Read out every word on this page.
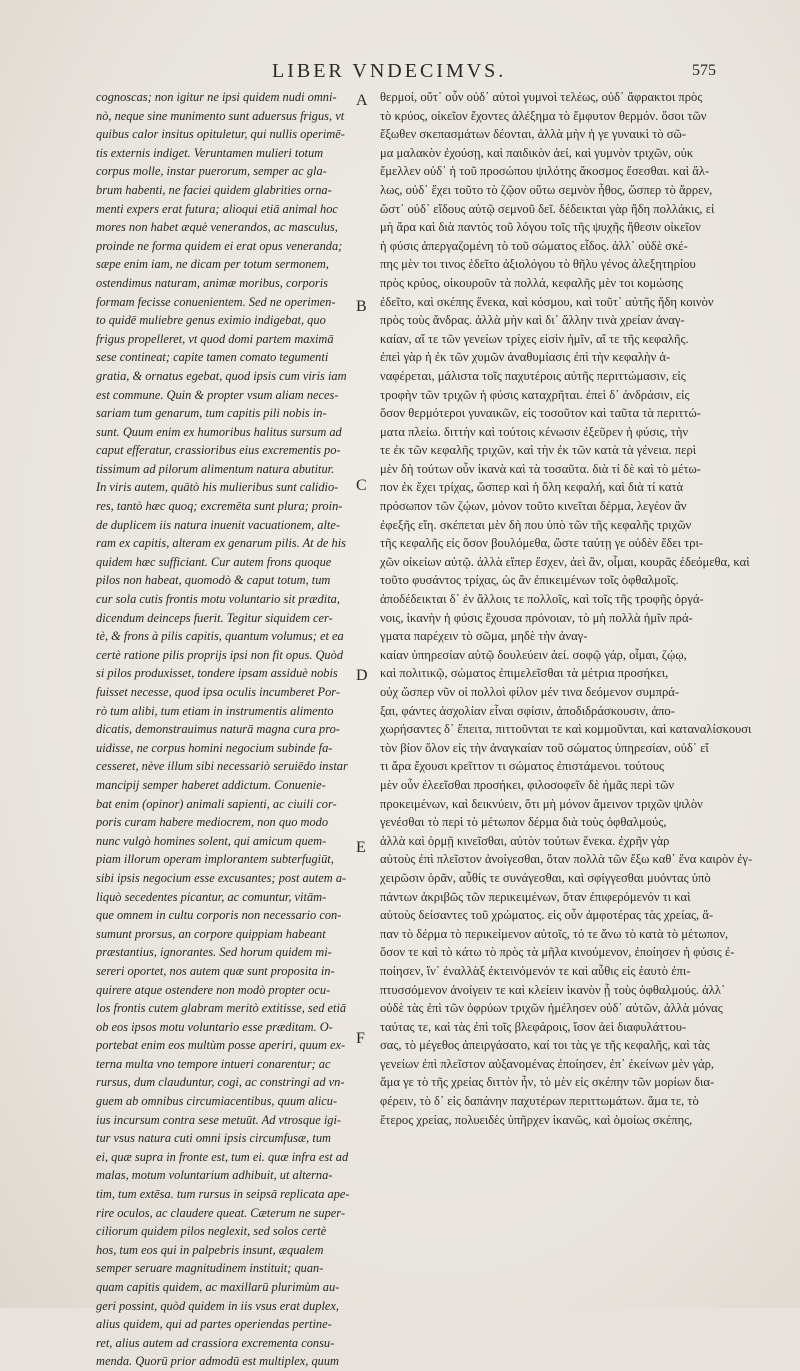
LIBER VNDECIMVS.	575
cognoscas; non igitur ne ipsi quidem nudi omni-
nò, neque sine munimento sunt aduersus frigus, vt
quibus calor insitus opituletur, qui nullis operimē-
tis externis indiget. Veruntamen mulieri totum
corpus molle, instar puerorum, semper ac gla-
brum habenti, ne faciei quidem glabrities orna-
menti expers erat futura; alioqui etiā animal hoc
mores non habet æquè venerandos, ac masculus,
proinde ne forma quidem ei erat opus veneranda;
sæpe enim iam, ne dicam per totum sermonem,
ostendimus naturam, animæ moribus, corporis
formam fecisse conuenientem. Sed ne operimen-
to quidē muliebre genus eximio indigebat, quo
frigus propelleret, vt quod domi partem maximā
sese contineat; capite tamen comato tegumenti
gratia, & ornatus egebat, quod ipsis cum viris iam
est commune. Quin & propter vsum aliam neces-
sariam tum genarum, tum capitis pili nobis in-
sunt. Quum enim ex humoribus halitus sursum ad
caput efferatur, crassioribus eius excrementis po-
tissimum ad pilorum alimentum natura abutitur.
In viris autem, quātò his mulieribus sunt calidio-
res, tantò hæc quoq; excremēta sunt plura; proin-
de duplicem iis natura inuenit vacuationem, alte-
ram ex capitis, alteram ex genarum pilis. At de his
quidem hæc sufficiant. Cur autem frons quoque
pilos non habeat, quomodò & caput totum, tum
cur sola cutis frontis motu voluntario sit prædita,
dicendum deinceps fuerit. Tegitur siquidem cer-
tè, & frons à pilis capitis, quantum volumus; et ea
certè ratione pilis proprijs ipsi non fit opus. Quòd
si pilos produxisset, tondere ipsam assiduè nobis
fuisset necesse, quod ipsa oculis incumberet Por-
rò tum alibi, tum etiam in instrumentis alimento
dicatis, demonstrauimus naturā magna cura pro-
uidisse, ne corpus homini negocium subinde fa-
cesseret, nève illum sibi necessariò seruiēdo instar
mancipij semper haberet addictum. Conuenie-
bat enim (opinor) animali sapienti, ac ciuili cor-
poris curam habere mediocrem, non quo modo
nunc vulgò homines solent, qui amicum quem-
piam illorum operam implorantem subterfugiūt,
sibi ipsis negocium esse excusantes; post autem a-
liquò secedentes picantur, ac comuntur, vitām-
que omnem in cultu corporis non necessario con-
sumunt prorsus, an corpore quippiam habeant
præstantius, ignorantes. Sed horum quidem mi-
sereri oportet, nos autem quæ sunt proposita in-
quirere atque ostendere non modò propter ocu-
los frontis cutem glabram meritò extitisse, sed etiā
ob eos ipsos motu voluntario esse præditam. O-
portebat enim eos multùm posse aperiri, quum ex-
terna multa vno tempore intueri conarentur; ac
rursus, dum clauduntur, cogi, ac constringi ad vn-
guem ab omnibus circumiacentibus, quum alicu-
ius incursum contra sese metuūt. Ad vtrosque igi-
tur vsus natura cuti omni ipsis circumfusæ, tum
ei, quæ supra in fronte est, tum ei. quæ infra est ad
malas, motum voluntarium adhibuit, ut alterna-
tim, tum extēsa. tum rursus in seipsā replicata ape-
rire oculos, ac claudere queat. Cæterum ne super-
ciliorum quidem pilos neglexit, sed solos certè
hos, tum eos qui in palpebris insunt, æqualem
semper seruare magnitudinem instituit; quan-
quam capitis quidem, ac maxillarū plurimùm au-
geri possint, quòd quidem in iis vsus erat duplex,
alius quidem, qui ad partes operiendas pertine-
ret, alius autem ad crassiora excrementa consu-
menda. Quorū prior admodū est multiplex, quum
θερμοί, οὔτ᾽ οὖν οὐδ᾽ αὐτοὶ γυμνοὶ τελέως, οὐδ᾽ ἄφρακτοι πρὸς
τὸ κρύος, οἰκεῖον ἔχοντες ἀλέξημα τὸ ἔμφυτον θερμόν. ὅσοι τῶν
ἔξωθεν σκεπασμάτων δέονται, ἀλλὰ μὴν ἡ γε γυναικὶ τὸ σῶ-
μα μαλακὸν ἐχούσῃ, καὶ παιδικὸν ἀεί, καὶ γυμνὸν τριχῶν, οὐκ
ἔμελλεν οὐδ᾽ ἡ τοῦ προσώπου ψιλότης ἄκοσμος ἔσεσθαι. καὶ ἄλ-
λως, οὐδ᾽ ἔχει τοῦτο τὸ ζῷον οὕτω σεμνὸν ἦθος, ὥσπερ τὸ ἄρρεν,
ὥστ᾽ οὐδ᾽ εἴδους αὐτῷ σεμνοῦ δεῖ. δέδεικται γὰρ ἤδη πολλάκις, εἰ
μὴ ἄρα καὶ διὰ παντὸς τοῦ λόγου τοῖς τῆς ψυχῆς ἤθεσιν οἰκεῖον
ἡ φύσις ἀπεργαζομένη τὸ τοῦ σώματος εἶδος. ἀλλ᾽ οὐδὲ σκέ-
πης μὲν τοι τινος ἐδεῖτο ἀξιολόγου τὸ θῆλυ γένος ἀλεξητηρίου
πρὸς κρύος, οἰκουροῦν τὰ πολλά, κεφαλῆς μὲν τοι κομώσης
ἐδεῖτο, καὶ σκέπης ἕνεκα, καὶ κόσμου, καὶ τοῦτ᾽ αὐτῆς ἤδη κοινὸν
πρὸς τοὺς ἄνδρας. ἀλλὰ μὴν καὶ δι᾽ ἄλλην τινὰ χρείαν ἀναγ-
καίαν, αἵ τε τῶν γενείων τρίχες εἰσὶν ἡμῖν, αἵ τε τῆς κεφαλῆς.
ἐπεὶ γὰρ ἡ ἐκ τῶν χυμῶν ἀναθυμίασις ἐπὶ τὴν κεφαλὴν ἀ-
ναφέρεται, μάλιστα τοῖς παχυτέροις αὐτῆς περιττώμασιν, εἰς
τροφὴν τῶν τριχῶν ἡ φύσις καταχρῆται. ἐπεὶ δ᾽ ἀνδράσιν, εἰς
ὅσον θερμότεροι γυναικῶν, εἰς τοσοῦτον καὶ ταῦτα τὰ περιττώ-
ματα πλείω. διττὴν καὶ τούτοις κένωσιν ἐξεῦρεν ἡ φύσις, τὴν
τε ἐκ τῶν κεφαλῆς τριχῶν, καὶ τὴν ἐκ τῶν κατὰ τὰ γένεια. περὶ
μὲν δὴ τούτων οὖν ἱκανὰ καὶ τὰ τοσαῦτα. διὰ τί δὲ καὶ τὸ μέτω-
πον ἐκ ἔχει τρίχας, ὥσπερ καὶ ἡ ὅλη κεφαλή, καὶ διὰ τί κατὰ
πρόσωπον τῶν ζῴων, μόνον τοῦτο κινεῖται δέρμα, λεγέον ἂν
ἐφεξῆς εἴη. σκέπεται μὲν δὴ που ὑπὸ τῶν τῆς κεφαλῆς τριχῶν
τῆς κεφαλῆς εἰς ὅσον βουλόμεθα, ὥστε ταύτῃ γε οὐδὲν ἔδει τρι-
χῶν οἰκείων αὐτῷ. ἀλλὰ εἴπερ ἔσχεν, ἀεὶ ἂν, οἶμαι, κουρᾶς ἐδεόμεθα, καὶ
τοῦτο φυσάντος τρίχας, ὡς ἂν ἐπικειμένων τοῖς ὀφθαλμοῖς.
ἀποδέδεικται δ᾽ ἐν ἄλλοις τε πολλοῖς, καὶ τοῖς τῆς τροφῆς ὀργά-
νοις, ἱκανὴν ἡ φύσις ἔχουσα πρόνοιαν, τὸ μὴ πολλὰ ἡμῖν πρά-
γματα παρέχειν τὸ σῶμα, μηδὲ τὴν ἀναγ-
καίαν ὑπηρεσίαν αὐτῷ δουλεύειν ἀεί. σοφῷ γάρ, οἶμαι, ζῴῳ,
καὶ πολιτικῷ, σώματος ἐπιμελεῖσθαι τὰ μέτρια προσήκει,
οὐχ ὥσπερ νῦν οἱ πολλοὶ φίλον μέν τινα δεόμενον συμπρά-
ξαι, φάντες ἀσχολίαν εἶναι σφίσιν, ἀποδιδράσκουσιν, ἀπο-
χωρήσαντες δ᾽ ἔπειτα, πιττοῦνται τε καὶ κομμοῦνται, καὶ καταναλίσκουσι
τὸν βίον ὅλον εἰς τὴν ἀναγκαίαν τοῦ σώματος ὑπηρεσίαν, οὐδ᾽ εἴ
τι ἄρα ἔχουσι κρεῖττον τι σώματος ἐπιστάμενοι. τούτους
μὲν οὖν ἐλεεῖσθαι προσήκει, φιλοσοφεῖν δὲ ἡμᾶς περὶ τῶν
προκειμένων, καὶ δεικνύειν, ὅτι μὴ μόνον ἄμεινον τριχῶν ψιλὸν
γενέσθαι τὸ περὶ τὸ μέτωπον δέρμα διὰ τοὺς ὀφθαλμούς,
ἀλλὰ καὶ ὁρμῇ κινεῖσθαι, αὐτὸν τούτων ἕνεκα. ἐχρῆν γὰρ
αὐτοὺς ἐπὶ πλεῖστον ἀνοίγεσθαι, ὅταν πολλὰ τῶν ἔξω καθ᾽ ἕνα καιρὸν ἐγ-
χειρῶσιν ὁρᾶν, αὖθίς τε συνάγεσθαι, καὶ σφίγγεσθαι μυόντας ὑπὸ
πάντων ἀκριβῶς τῶν περικειμένων, ὅταν ἐπιφερόμενόν τι καὶ
αὐτοὺς δείσαντες τοῦ χρώματος. εἰς οὖν ἀμφοτέρας τὰς χρείας, ἅ-
παν τὸ δέρμα τὸ περικείμενον αὐτοῖς, τό τε ἄνω τὸ κατὰ τὸ μέτωπον,
ὅσον τε καὶ τὸ κάτω τὸ πρὸς τὰ μῆλα κινούμενον, ἐποίησεν ἡ φύσις ἐ-
ποίησεν, ἵν᾽ ἐναλλὰξ ἐκτεινόμενόν τε καὶ αὖθις εἰς ἑαυτὸ ἐπι-
πτυσσόμενον ἀνοίγειν τε καὶ κλείειν ἱκανὸν ᾖ τοὺς ὀφθαλμούς. ἀλλ᾽
οὐδὲ τὰς ἐπὶ τῶν ὀφρύων τριχῶν ἠμέλησεν οὐδ᾽ αὐτῶν, ἀλλὰ μόνας
ταύτας τε, καὶ τὰς ἐπὶ τοῖς βλεφάροις, ἴσον ἀεὶ διαφυλάττου-
σας, τὸ μέγεθος ἀπειργάσατο, καί τοι τὰς γε τῆς κεφαλῆς, καὶ τὰς
γενείων ἐπὶ πλεῖστον αὐξανομένας ἐποίησεν, ἐπ᾽ ἐκείνων μὲν γάρ,
ἅμα γε τὸ τῆς χρείας διττὸν ἦν, τὸ μὲν εἰς σκέπην τῶν μορίων δια-
φέρειν, τὸ δ᾽ εἰς δαπάνην παχυτέρων περιττωμάτων. ἅμα τε, τὸ
ἕτερος χρείας, πολυειδὲς ὑπῆρχεν ἱκανῶς, καὶ ὁμοίως σκέπης,
A
B
C
D
E
F
